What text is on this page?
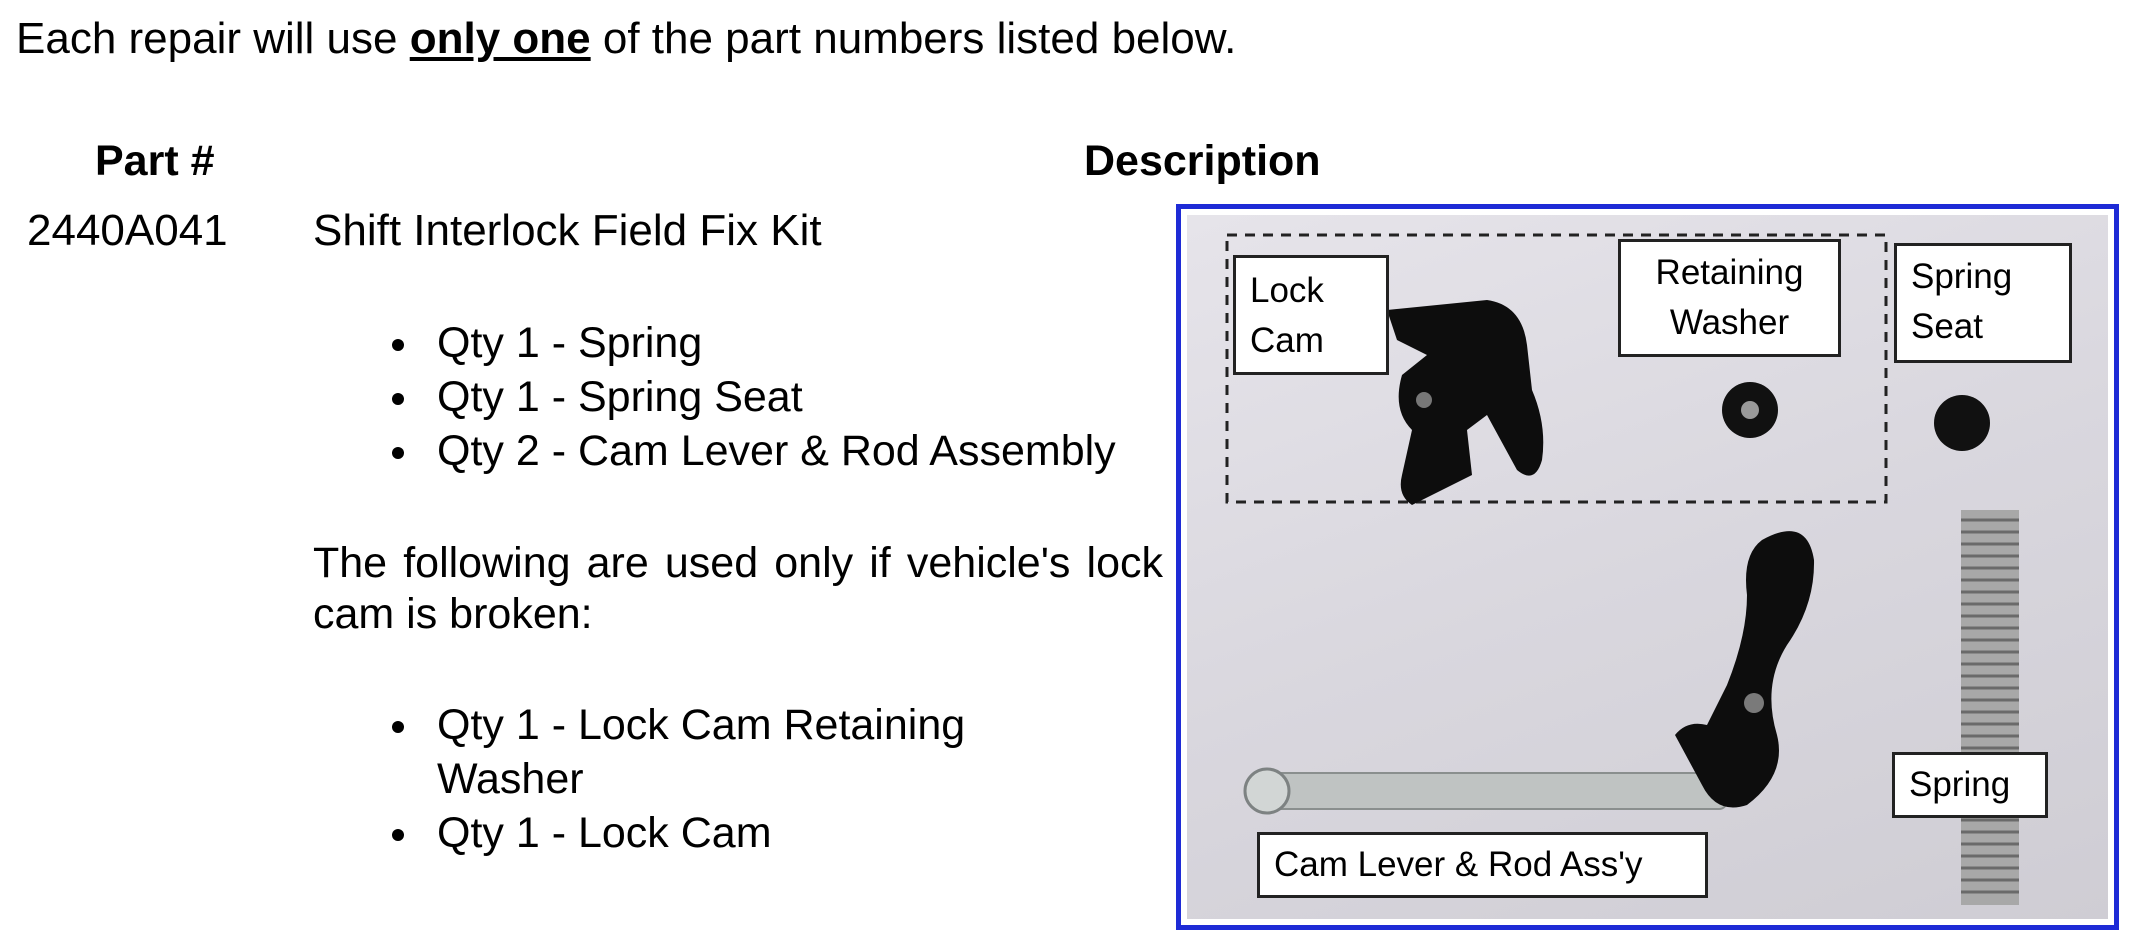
Each repair will use only one of the part numbers listed below.
Part #	Description
2440A041 Shift Interlock Field Fix Kit
Qty 1 - Spring
Qty 1 - Spring Seat
Qty 2 - Cam Lever & Rod Assembly
The following are used only if vehicle's lock cam is broken:
Qty 1 - Lock Cam Retaining Washer
Qty 1 - Lock Cam
Lock
Cam
Retaining
Washer
Spring
Seat
Spring
Cam Lever & Rod Ass'y
